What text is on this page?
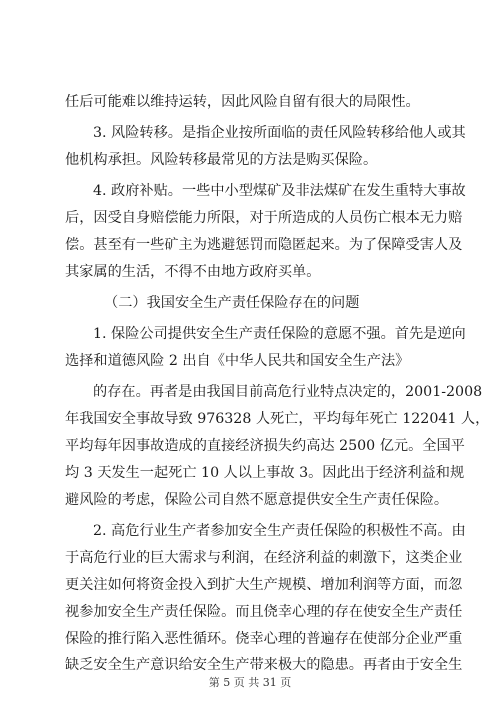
任后可能难以维持运转，因此风险自留有很大的局限性。
3. 风险转移。是指企业按所面临的责任风险转移给他人或其
他机构承担。风险转移最常见的方法是购买保险。
4. 政府补贴。一些中小型煤矿及非法煤矿在发生重特大事故
后，因受自身赔偿能力所限，对于所造成的人员伤亡根本无力赔
偿。甚至有一些矿主为逃避惩罚而隐匿起来。为了保障受害人及
其家属的生活，不得不由地方政府买单。
（二）我国安全生产责任保险存在的问题
1. 保险公司提供安全生产责任保险的意愿不强。首先是逆向
选择和道德风险 2 出自《中华人民共和国安全生产法》
的存在。再者是由我国目前高危行业特点决定的，2001-2008
年我国安全事故导致 976328 人死亡，平均每年死亡 122041 人，
平均每年因事故造成的直接经济损失约高达 2500 亿元。全国平
均 3 天发生一起死亡 10 人以上事故 3。因此出于经济利益和规
避风险的考虑，保险公司自然不愿意提供安全生产责任保险。
2. 高危行业生产者参加安全生产责任保险的积极性不高。由
于高危行业的巨大需求与利润，在经济利益的刺激下，这类企业
更关注如何将资金投入到扩大生产规模、增加利润等方面，而忽
视参加安全生产责任保险。而且侥幸心理的存在使安全生产责任
保险的推行陷入恶性循环。侥幸心理的普遍存在使部分企业严重
缺乏安全生产意识给安全生产带来极大的隐患。再者由于安全生
第 5 页 共 31 页
